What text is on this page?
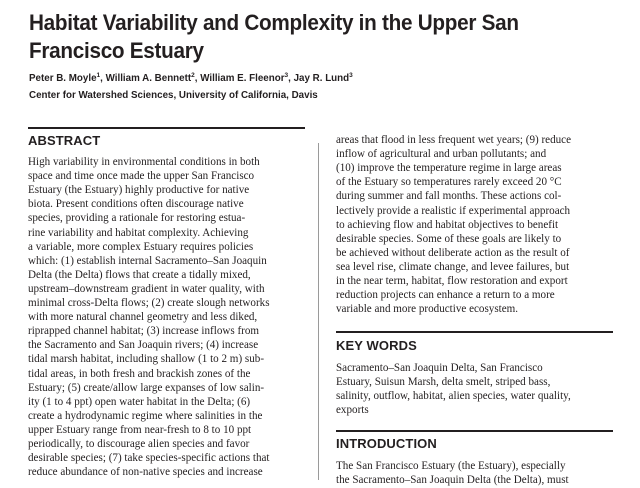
Habitat Variability and Complexity in the Upper San
Francisco Estuary
Peter B. Moyle$^1$, William A. Bennett$^2$, William E. Fleenor$^3$, Jay R. Lund$^3$
Center for Watershed Sciences, University of California, Davis
ABSTRACT
High variability in environmental conditions in both
space and time once made the upper San Francisco
Estuary (the Estuary) highly productive for native
biota. Present conditions often discourage native
species, providing a rationale for restoring estua-
rine variability and habitat complexity. Achieving
a variable, more complex Estuary requires policies
which: (1) establish internal Sacramento–San Joaquin
Delta (the Delta) flows that create a tidally mixed,
upstream–downstream gradient in water quality, with
minimal cross-Delta flows; (2) create slough networks
with more natural channel geometry and less diked,
riprapped channel habitat; (3) increase inflows from
the Sacramento and San Joaquin rivers; (4) increase
tidal marsh habitat, including shallow (1 to 2 m) sub-
tidal areas, in both fresh and brackish zones of the
Estuary; (5) create/allow large expanses of low salin-
ity (1 to 4 ppt) open water habitat in the Delta; (6)
create a hydrodynamic regime where salinities in the
upper Estuary range from near-fresh to 8 to 10 ppt
periodically, to discourage alien species and favor
desirable species; (7) take species-specific actions that
reduce abundance of non-native species and increase
areas that flood in less frequent wet years; (9) reduce
inflow of agricultural and urban pollutants; and
(10) improve the temperature regime in large areas
of the Estuary so temperatures rarely exceed 20 °C
during summer and fall months. These actions col-
lectively provide a realistic if experimental approach
to achieving flow and habitat objectives to benefit
desirable species. Some of these goals are likely to
be achieved without deliberate action as the result of
sea level rise, climate change, and levee failures, but
in the near term, habitat, flow restoration and export
reduction projects can enhance a return to a more
variable and more productive ecosystem.
KEY WORDS
Sacramento–San Joaquin Delta, San Francisco
Estuary, Suisun Marsh, delta smelt, striped bass,
salinity, outflow, habitat, alien species, water quality,
exports
INTRODUCTION
The San Francisco Estuary (the Estuary), especially
the Sacramento–San Joaquin Delta (the Delta), must
